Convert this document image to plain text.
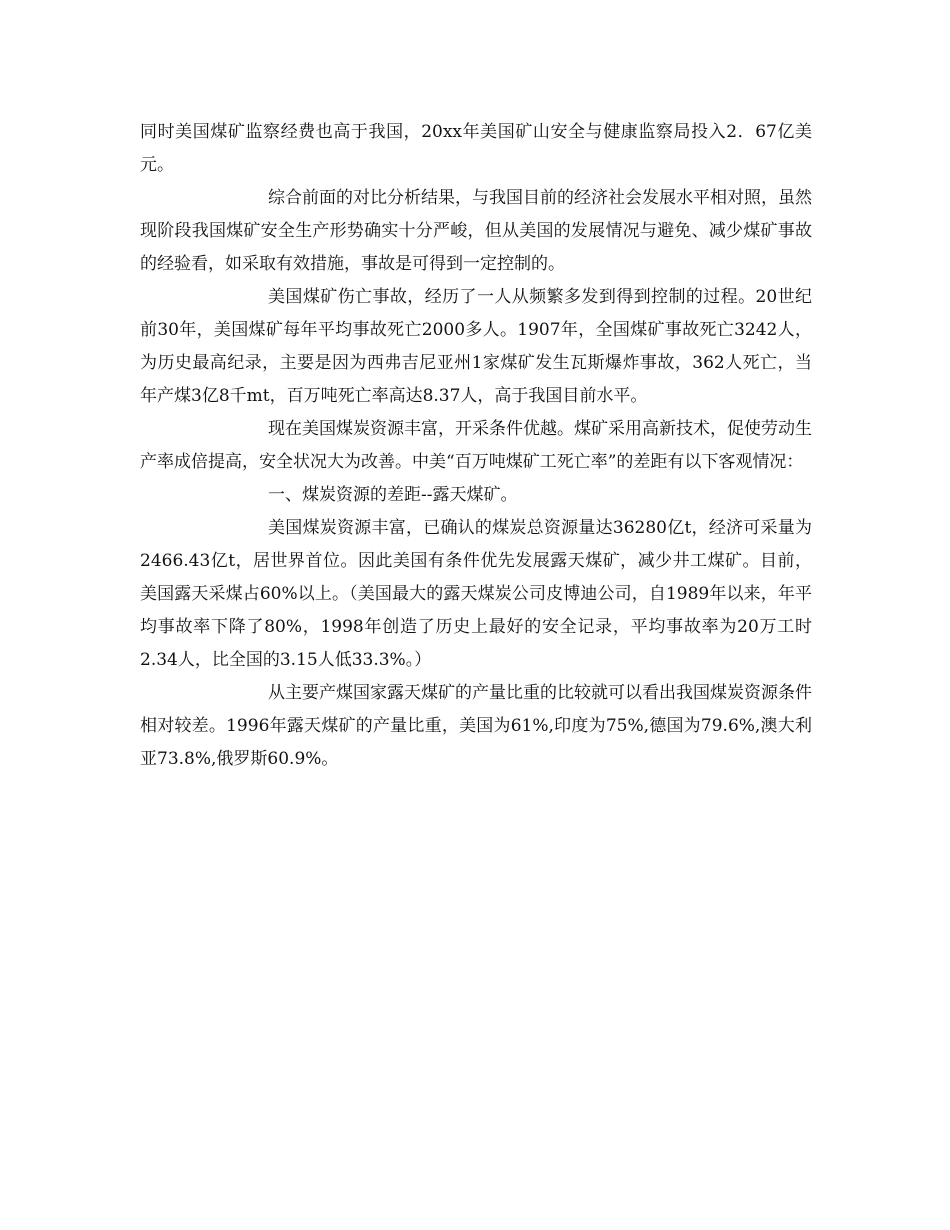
同时美国煤矿监察经费也高于我国，20xx年美国矿山安全与健康监察局投入2．67亿美元。

综合前面的对比分析结果，与我国目前的经济社会发展水平相对照，虽然现阶段我国煤矿安全生产形势确实十分严峻，但从美国的发展情况与避免、减少煤矿事故的经验看，如采取有效措施，事故是可得到一定控制的。

美国煤矿伤亡事故，经历了一人从频繁多发到得到控制的过程。20世纪前30年，美国煤矿每年平均事故死亡2000多人。1907年，全国煤矿事故死亡3242人，为历史最高纪录，主要是因为西弗吉尼亚州1家煤矿发生瓦斯爆炸事故，362人死亡，当年产煤3亿8千mt，百万吨死亡率高达8.37人，高于我国目前水平。

现在美国煤炭资源丰富，开采条件优越。煤矿采用高新技术，促使劳动生产率成倍提高，安全状况大为改善。中美“百万吨煤矿工死亡率”的差距有以下客观情况：

一、煤炭资源的差距--露天煤矿。

美国煤炭资源丰富，已确认的煤炭总资源量达36280亿t，经济可采量为2466.43亿t，居世界首位。因此美国有条件优先发展露天煤矿，减少井工煤矿。目前，美国露天采煤占60%以上。（美国最大的露天煤炭公司皮博迪公司，自1989年以来，年平均事故率下降了80%，1998年创造了历史上最好的安全记录，平均事故率为20万工时2.34人，比全国的3.15人低33.3%。）

从主要产煤国家露天煤矿的产量比重的比较就可以看出我国煤炭资源条件相对较差。1996年露天煤矿的产量比重，美国为61%,印度为75%,德国为79.6%,澳大利亚73.8%,俄罗斯60.9%。
